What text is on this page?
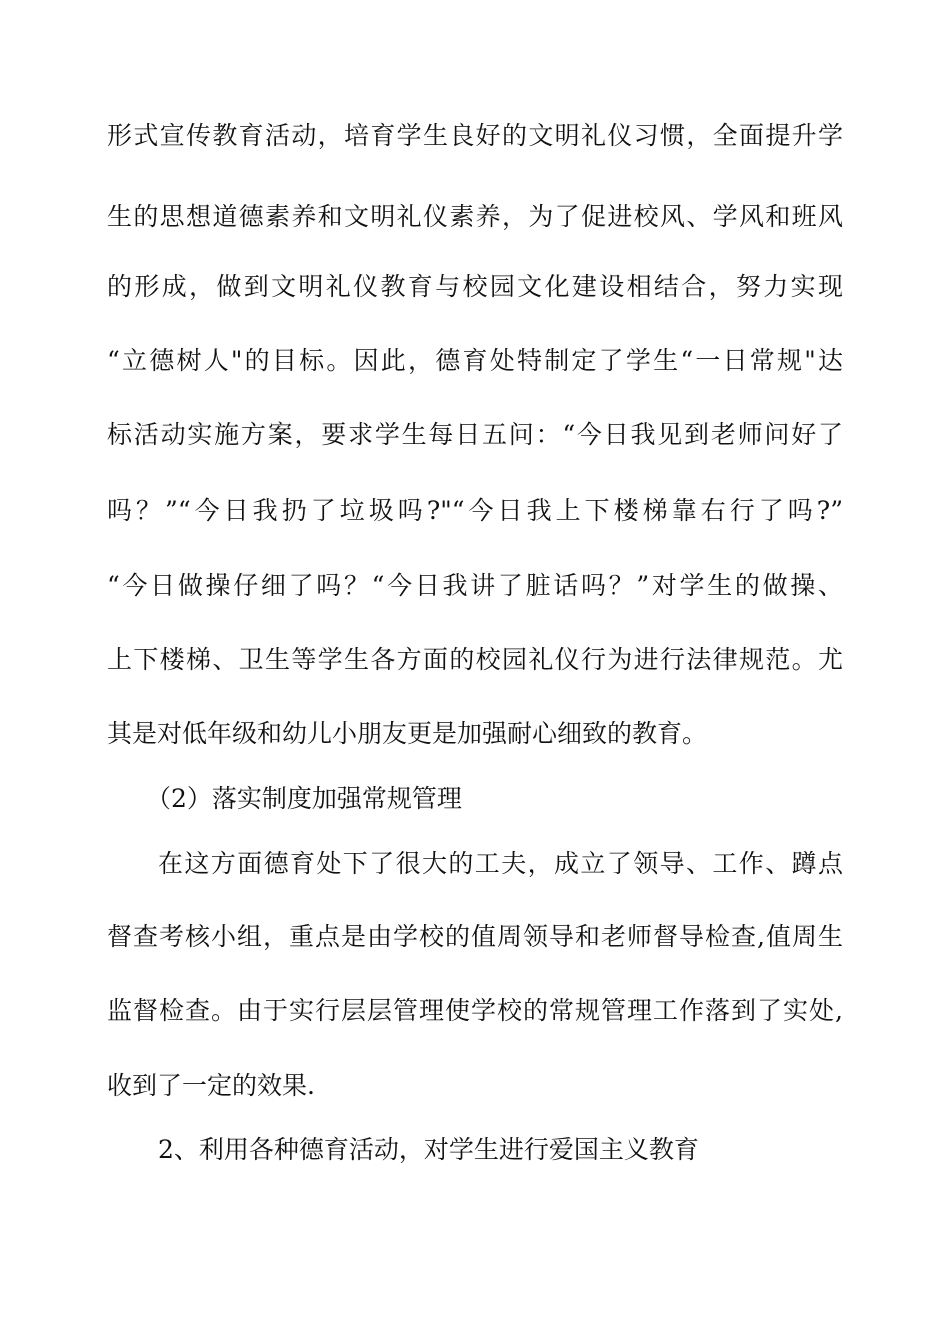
形式宣传教育活动，培育学生良好的文明礼仪习惯，全面提升学
生的思想道德素养和文明礼仪素养，为了促进校风、学风和班风
的形成，做到文明礼仪教育与校园文化建设相结合，努力实现
“立德树人"的目标。因此，德育处特制定了学生“一日常规"达
标活动实施方案，要求学生每日五问：“今日我见到老师问好了
吗？”“今日我扔了垃圾吗?"“今日我上下楼梯靠右行了吗?”
“今日做操仔细了吗？“今日我讲了脏话吗？”对学生的做操、
上下楼梯、卫生等学生各方面的校园礼仪行为进行法律规范。尤
其是对低年级和幼儿小朋友更是加强耐心细致的教育。
（2）落实制度加强常规管理
在这方面德育处下了很大的工夫，成立了领导、工作、蹲点
督查考核小组，重点是由学校的值周领导和老师督导检查,值周生
监督检查。由于实行层层管理使学校的常规管理工作落到了实处,
收到了一定的效果.
2、利用各种德育活动，对学生进行爱国主义教育
